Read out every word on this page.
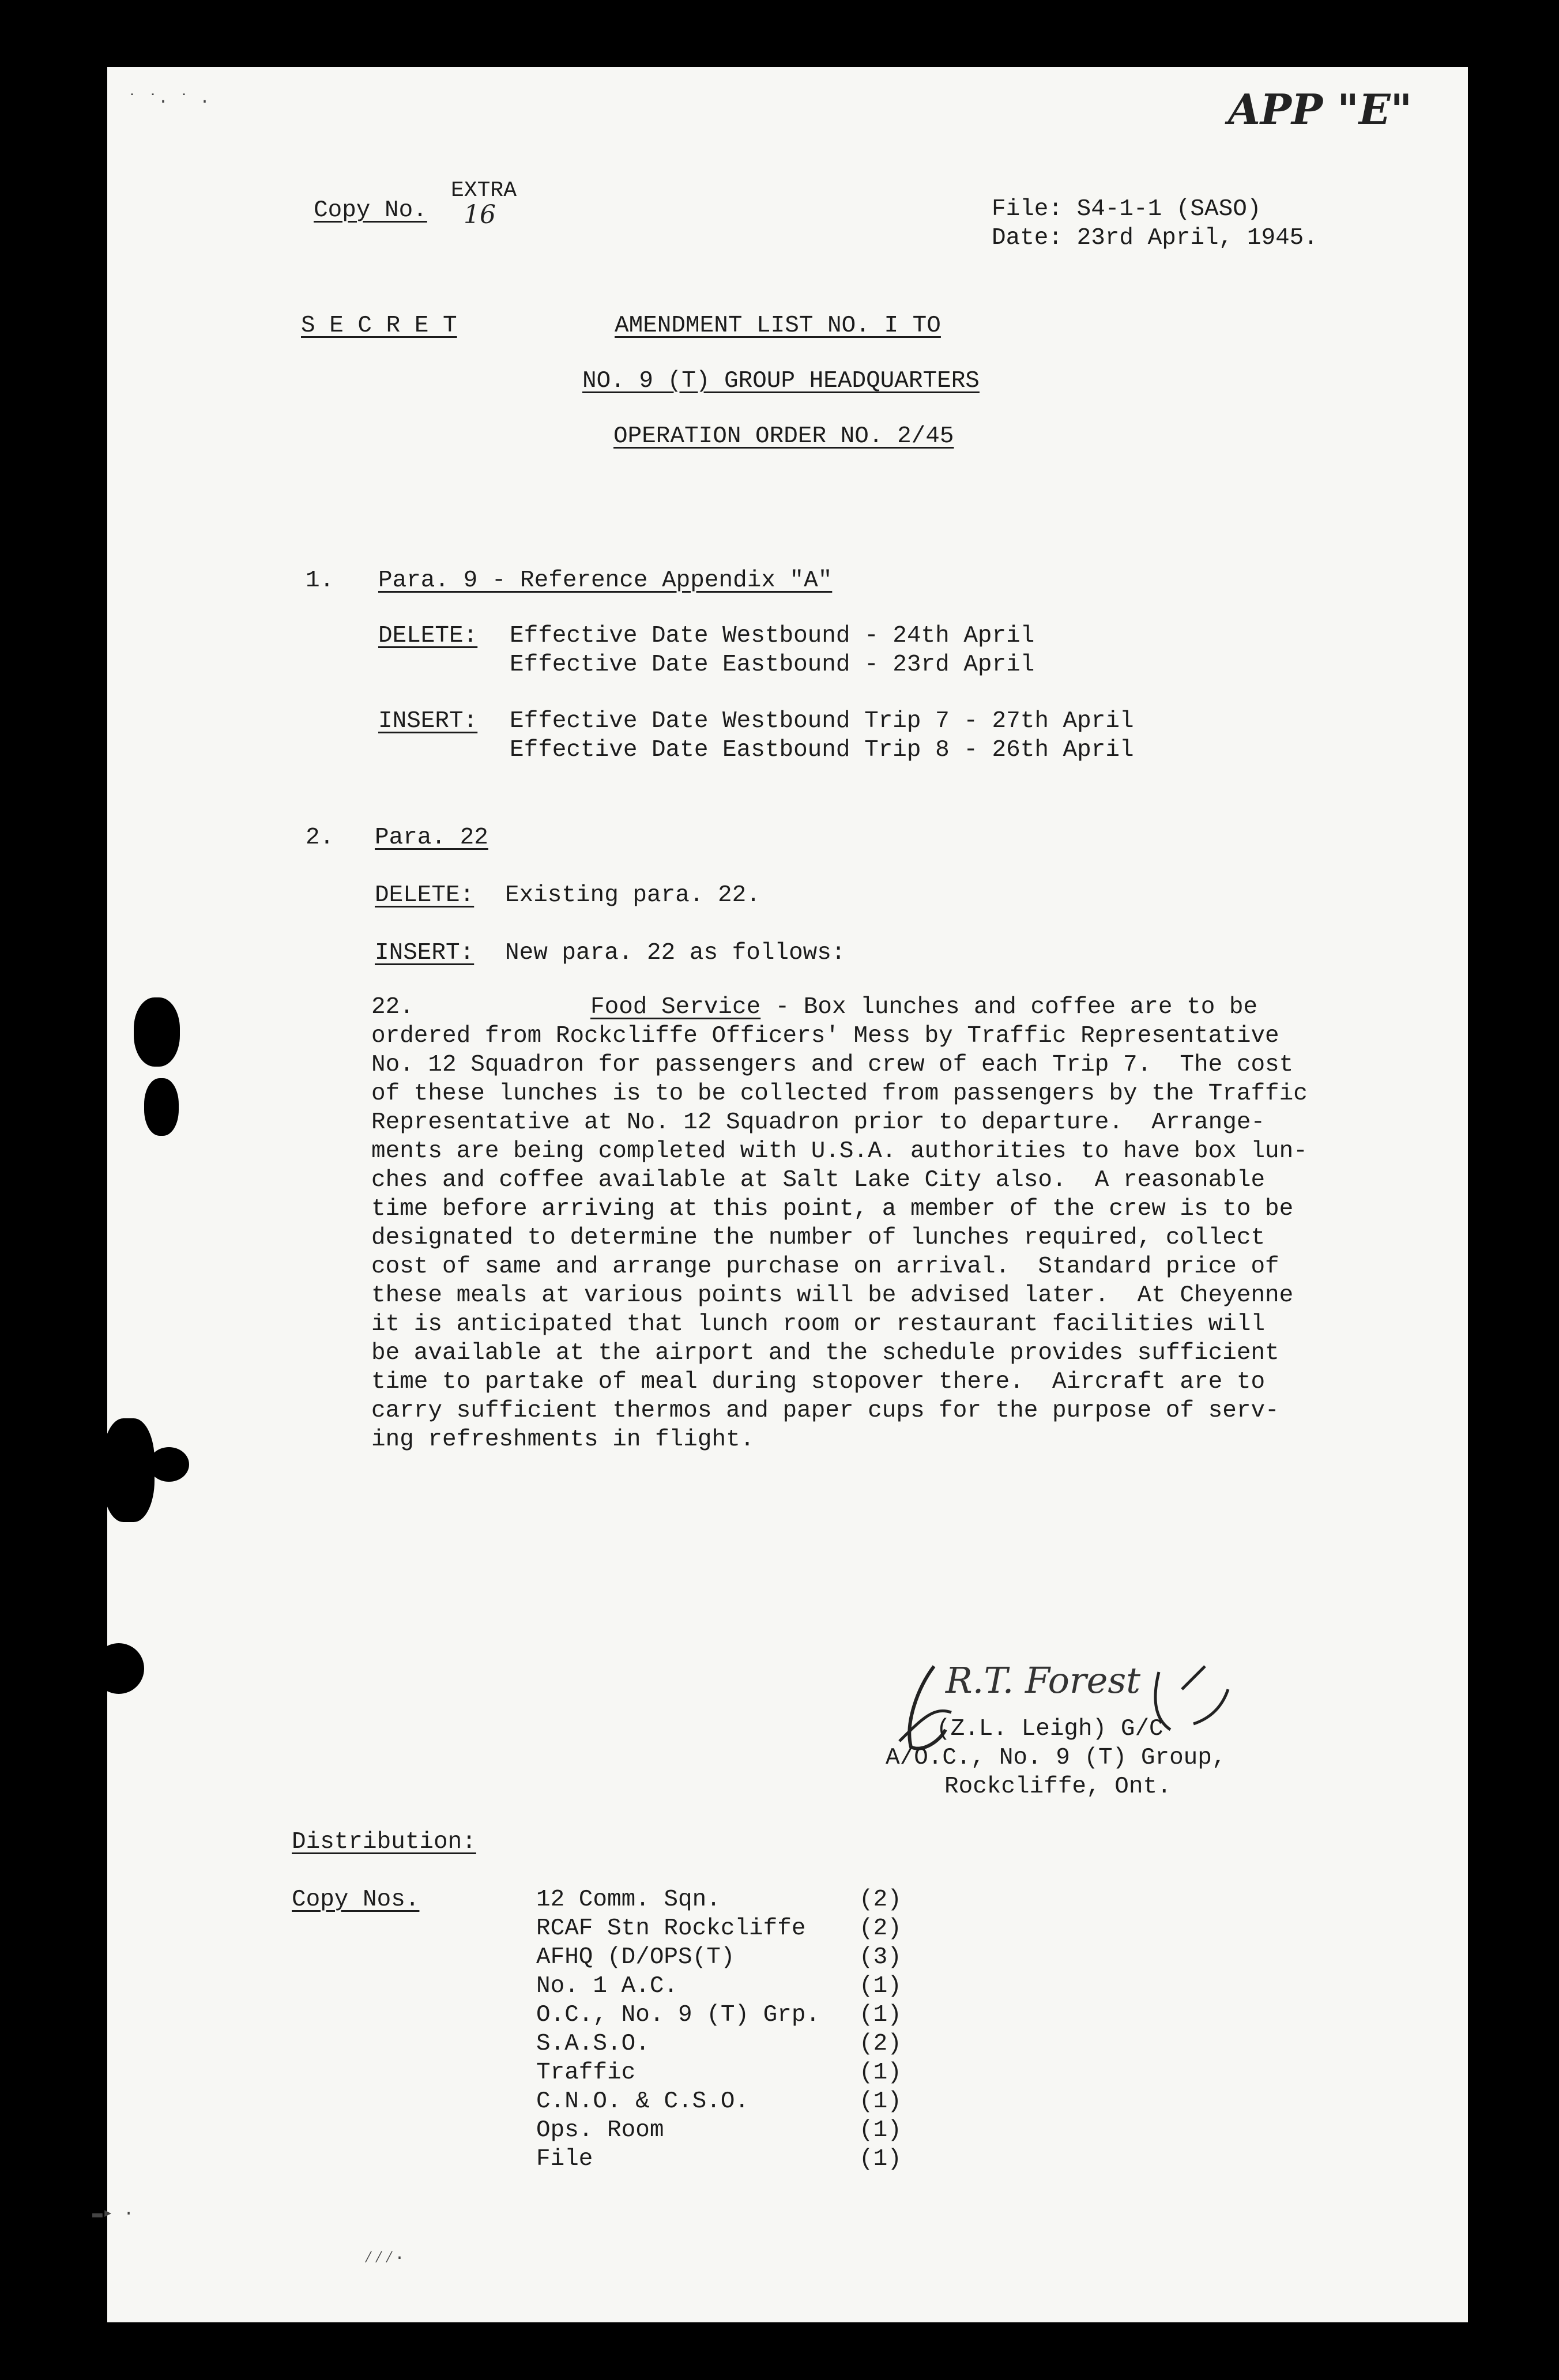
˙ ˙· ˙ ·
▬▸ ·
⁄⁄⁄·
Copy No.
EXTRA
16
APP "E"
File: S4-1-1 (SASO)
Date: 23rd April, 1945.
S E C R E T	AMENDMENT LIST NO. I TO
NO. 9 (T) GROUP HEADQUARTERS
OPERATION ORDER NO. 2/45
1. Para. 9 - Reference Appendix "A"
DELETE: Effective Date Westbound - 24th April
Effective Date Eastbound - 23rd April
INSERT: Effective Date Westbound Trip 7 - 27th April
Effective Date Eastbound Trip 8 - 26th April
2. Para. 22
DELETE: Existing para. 22.
INSERT: New para. 22 as follows:
22.	Food Service - Box lunches and coffee are to be
ordered from Rockcliffe Officers' Mess by Traffic Representative
No. 12 Squadron for passengers and crew of each Trip 7.  The cost
of these lunches is to be collected from passengers by the Traffic
Representative at No. 12 Squadron prior to departure.  Arrange-
ments are being completed with U.S.A. authorities to have box lun-
ches and coffee available at Salt Lake City also.  A reasonable
time before arriving at this point, a member of the crew is to be
designated to determine the number of lunches required, collect
cost of same and arrange purchase on arrival.  Standard price of
these meals at various points will be advised later.  At Cheyenne
it is anticipated that lunch room or restaurant facilities will
be available at the airport and the schedule provides sufficient
time to partake of meal during stopover there.  Aircraft are to
carry sufficient thermos and paper cups for the purpose of serv-
ing refreshments in flight.
R.T. Forest
(Z.L. Leigh) G/C
A/O.C., No. 9 (T) Group,
Rockcliffe, Ont.
Distribution:
Copy Nos.	12 Comm. Sqn.	(2)
RCAF Stn Rockcliffe (2)
AFHQ (D/OPS(T)	(3)
No. 1 A.C.	(1)
O.C., No. 9 (T) Grp. (1)
S.A.S.O.	(2)
Traffic	(1)
C.N.O. & C.S.O.	(1)
Ops. Room	(1)
File	(1)
